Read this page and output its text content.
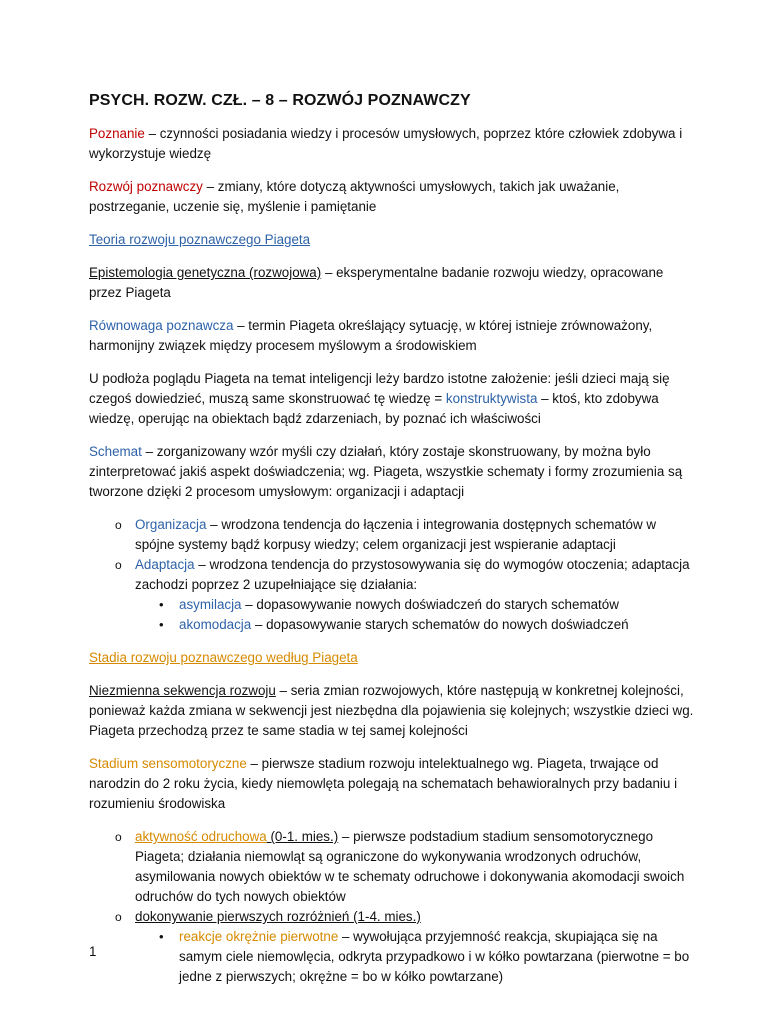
PSYCH. ROZW. CZŁ. – 8 – ROZWÓJ POZNAWCZY

Poznanie – czynności posiadania wiedzy i procesów umysłowych, poprzez które człowiek zdobywa i wykorzystuje wiedzę

Rozwój poznawczy – zmiany, które dotyczą aktywności umysłowych, takich jak uważanie, postrzeganie, uczenie się, myślenie i pamiętanie

Teoria rozwoju poznawczego Piageta

Epistemologia genetyczna (rozwojowa) – eksperymentalne badanie rozwoju wiedzy, opracowane przez Piageta

Równowaga poznawcza – termin Piageta określający sytuację, w której istnieje zrównoważony, harmonijny związek między procesem myślowym a środowiskiem

U podłoża poglądu Piageta na temat inteligencji leży bardzo istotne założenie: jeśli dzieci mają się czegoś dowiedzieć, muszą same skonstruować tę wiedzę = konstruktywista – ktoś, kto zdobywa wiedzę, operując na obiektach bądź zdarzeniach, by poznać ich właściwości

Schemat – zorganizowany wzór myśli czy działań, który zostaje skonstruowany, by można było zinterpretować jakiś aspekt doświadczenia; wg. Piageta, wszystkie schematy i formy zrozumienia są tworzone dzięki 2 procesom umysłowym: organizacji i adaptacji

o Organizacja – wrodzona tendencja do łączenia i integrowania dostępnych schematów w spójne systemy bądź korpusy wiedzy; celem organizacji jest wspieranie adaptacji
o Adaptacja – wrodzona tendencja do przystosowywania się do wymogów otoczenia; adaptacja zachodzi poprzez 2 uzupełniające się działania:
• asymilacja – dopasowywanie nowych doświadczeń do starych schematów
• akomodacja – dopasowywanie starych schematów do nowych doświadczeń

Stadia rozwoju poznawczego według Piageta

Niezmienna sekwencja rozwoju – seria zmian rozwojowych, które następują w konkretnej kolejności, ponieważ każda zmiana w sekwencji jest niezbędna dla pojawienia się kolejnych; wszystkie dzieci wg. Piageta przechodzą przez te same stadia w tej samej kolejności

Stadium sensomotoryczne – pierwsze stadium rozwoju intelektualnego wg. Piageta, trwające od narodzin do 2 roku życia, kiedy niemowlęta polegają na schematach behawioralnych przy badaniu i rozumieniu środowiska

o aktywność odruchowa (0-1. mies.) – pierwsze podstadium stadium sensomotorycznego Piageta; działania niemowląt są ograniczone do wykonywania wrodzonych odruchów, asymilowania nowych obiektów w te schematy odruchowe i dokonywania akomodacji swoich odruchów do tych nowych obiektów
o dokonywanie pierwszych rozróżnień (1-4. mies.)
• reakcje okrężnie pierwotne – wywołująca przyjemność reakcja, skupiająca się na samym ciele niemowlęcia, odkryta przypadkowo i w kółko powtarzana (pierwotne = bo jedne z pierwszych; okrężne = bo w kółko powtarzane)
1
